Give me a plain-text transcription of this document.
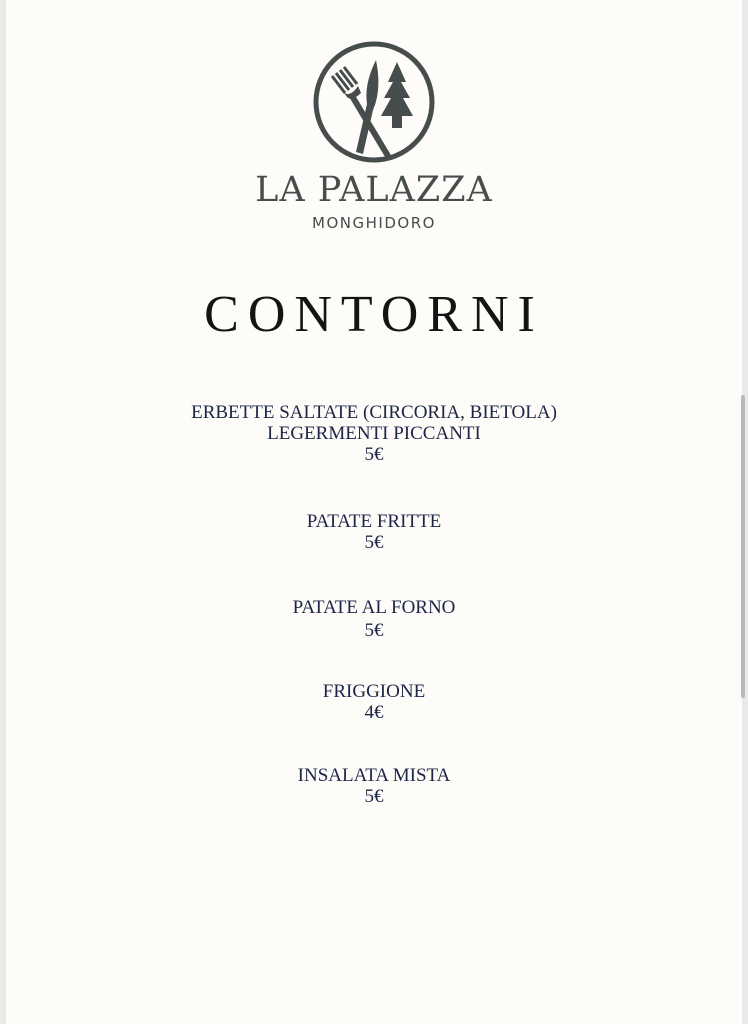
LA PALAZZA
MONGHIDORO
CONTORNI
ERBETTE SALTATE (CIRCORIA, BIETOLA)
LEGERMENTI PICCANTI
5€
PATATE FRITTE
5€
PATATE AL FORNO
5€
FRIGGIONE
4€
INSALATA MISTA
5€
